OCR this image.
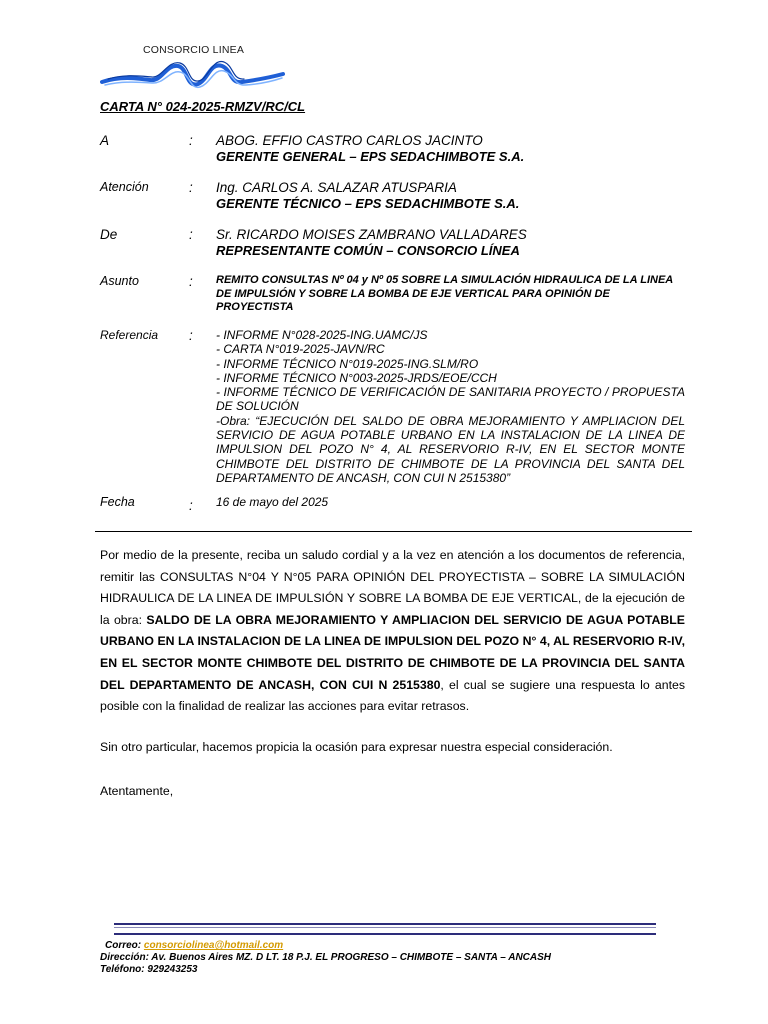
CONSORCIO LINEA
CARTA N° 024-2025-RMZV/RC/CL
A	: ABOG. EFFIO CASTRO CARLOS JACINTO
GERENTE GENERAL – EPS SEDACHIMBOTE S.A.
Atención	: Ing. CARLOS A. SALAZAR ATUSPARIA
GERENTE TÉCNICO – EPS SEDACHIMBOTE S.A.
De	: Sr. RICARDO MOISES ZAMBRANO VALLADARES
REPRESENTANTE COMÚN – CONSORCIO LÍNEA
Asunto	: REMITO CONSULTAS Nº 04 y Nº 05 SOBRE LA SIMULACIÓN HIDRAULICA DE LA LINEA DE IMPULSIÓN Y SOBRE LA BOMBA DE EJE VERTICAL PARA OPINIÓN DE PROYECTISTA
Referencia : - INFORME N°028-2025-ING.UAMC/JS
- CARTA N°019-2025-JAVN/RC
- INFORME TÉCNICO N°019-2025-ING.SLM/RO
- INFORME TÉCNICO N°003-2025-JRDS/EOE/CCH
- INFORME TÉCNICO DE VERIFICACIÓN DE SANITARIA PROYECTO / PROPUESTA DE SOLUCIÓN
-Obra: “EJECUCIÓN DEL SALDO DE OBRA MEJORAMIENTO Y AMPLIACION DEL SERVICIO DE AGUA POTABLE URBANO EN LA INSTALACION DE LA LINEA DE IMPULSION DEL POZO N° 4, AL RESERVORIO R-IV, EN EL SECTOR MONTE CHIMBOTE DEL DISTRITO DE CHIMBOTE DE LA PROVINCIA DEL SANTA DEL DEPARTAMENTO DE ANCASH, CON CUI N 2515380”
Fecha	: 16 de mayo del 2025

Por medio de la presente, reciba un saludo cordial y a la vez en atención a los documentos de referencia, remitir las CONSULTAS N°04 Y N°05 PARA OPINIÓN DEL PROYECTISTA – SOBRE LA SIMULACIÓN HIDRAULICA DE LA LINEA DE IMPULSIÓN Y SOBRE LA BOMBA DE EJE VERTICAL, de la ejecución de la obra: SALDO DE LA OBRA MEJORAMIENTO Y AMPLIACION DEL SERVICIO DE AGUA POTABLE URBANO EN LA INSTALACION DE LA LINEA DE IMPULSION DEL POZO N° 4, AL RESERVORIO R-IV, EN EL SECTOR MONTE CHIMBOTE DEL DISTRITO DE CHIMBOTE DE LA PROVINCIA DEL SANTA DEL DEPARTAMENTO DE ANCASH, CON CUI N 2515380, el cual se sugiere una respuesta lo antes posible con la finalidad de realizar las acciones para evitar retrasos.

Sin otro particular, hacemos propicia la ocasión para expresar nuestra especial consideración.
Atentamente,
Correo: consorciolinea@hotmail.com
Dirección: Av. Buenos Aires MZ. D LT. 18 P.J. EL PROGRESO – CHIMBOTE – SANTA – ANCASH
Teléfono: 929243253
